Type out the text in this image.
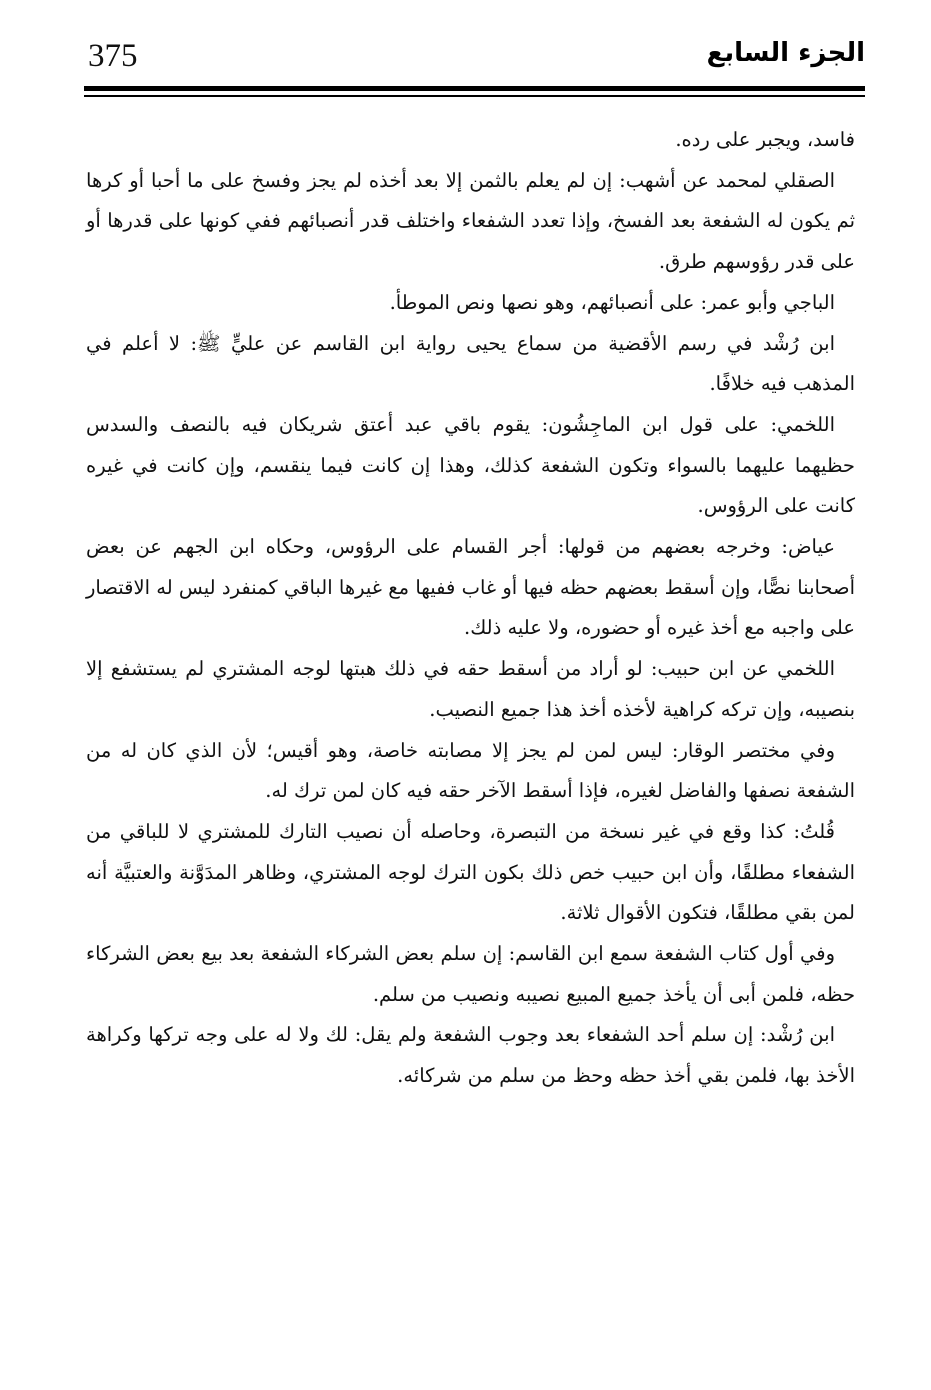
375	الجزء السابع

فاسد، ويجبر على رده.

الصقلي لمحمد عن أشهب: إن لم يعلم بالثمن إلا بعد أخذه لم يجز وفسخ على ما أحبا أو كرها ثم يكون له الشفعة بعد الفسخ، وإذا تعدد الشفعاء واختلف قدر أنصبائهم ففي كونها على قدرها أو على قدر رؤوسهم طرق.

الباجي وأبو عمر: على أنصبائهم، وهو نصها ونص الموطأ.

ابن رُشْد في رسم الأقضية من سماع يحيى رواية ابن القاسم عن عليٍّ ﷺ: لا أعلم في المذهب فيه خلافًا.

اللخمي: على قول ابن الماجِشُون: يقوم باقي عبد أعتق شريكان فيه بالنصف والسدس حظيهما عليهما بالسواء وتكون الشفعة كذلك، وهذا إن كانت فيما ينقسم، وإن كانت في غيره كانت على الرؤوس.

عياض: وخرجه بعضهم من قولها: أجر القسام على الرؤوس، وحكاه ابن الجهم عن بعض أصحابنا نصًّا، وإن أسقط بعضهم حظه فيها أو غاب ففيها مع غيرها الباقي كمنفرد ليس له الاقتصار على واجبه مع أخذ غيره أو حضوره، ولا عليه ذلك.

اللخمي عن ابن حبيب: لو أراد من أسقط حقه في ذلك هبتها لوجه المشتري لم يستشفع إلا بنصيبه، وإن تركه كراهية لأخذه أخذ هذا جميع النصيب.

وفي مختصر الوقار: ليس لمن لم يجز إلا مصابته خاصة، وهو أقيس؛ لأن الذي كان له من الشفعة نصفها والفاضل لغيره، فإذا أسقط الآخر حقه فيه كان لمن ترك له.

قُلتُ: كذا وقع في غير نسخة من التبصرة، وحاصله أن نصيب التارك للمشتري لا للباقي من الشفعاء مطلقًا، وأن ابن حبيب خص ذلك بكون الترك لوجه المشتري، وظاهر المدَوَّنة والعتبيَّة أنه لمن بقي مطلقًا، فتكون الأقوال ثلاثة.

وفي أول كتاب الشفعة سمع ابن القاسم: إن سلم بعض الشركاء الشفعة بعد بيع بعض الشركاء حظه، فلمن أبى أن يأخذ جميع المبيع نصيبه ونصيب من سلم.

ابن رُشْد: إن سلم أحد الشفعاء بعد وجوب الشفعة ولم يقل: لك ولا له على وجه تركها وكراهة الأخذ بها، فلمن بقي أخذ حظه وحظ من سلم من شركائه.
